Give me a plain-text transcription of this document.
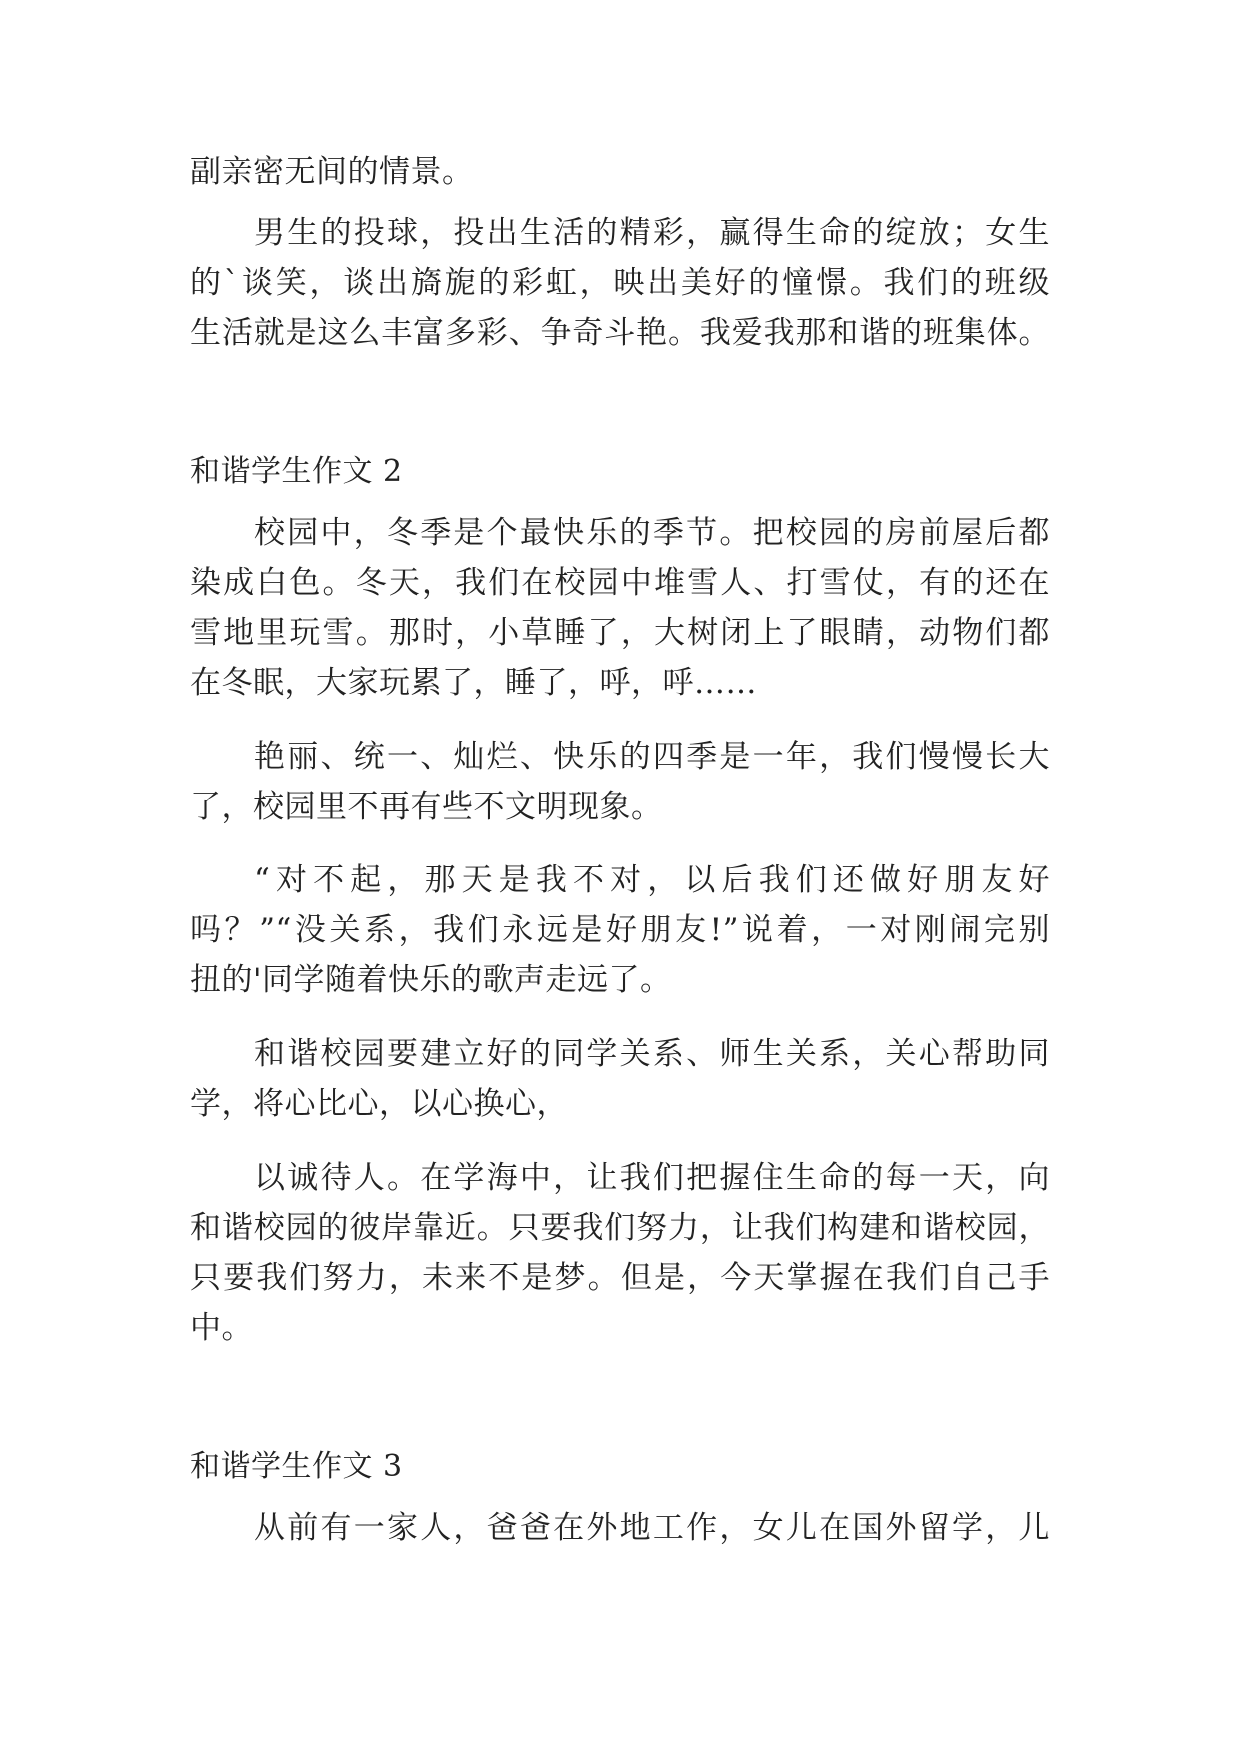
副亲密无间的情景。
男生的投球，投出生活的精彩，赢得生命的绽放；女生
的`谈笑，谈出旖旎的彩虹，映出美好的憧憬。我们的班级
生活就是这么丰富多彩、争奇斗艳。我爱我那和谐的班集体。
和谐学生作文 2
校园中，冬季是个最快乐的季节。把校园的房前屋后都
染成白色。冬天，我们在校园中堆雪人、打雪仗，有的还在
雪地里玩雪。那时，小草睡了，大树闭上了眼睛，动物们都
在冬眠，大家玩累了，睡了，呼，呼……
艳丽、统一、灿烂、快乐的四季是一年，我们慢慢长大
了，校园里不再有些不文明现象。
“对不起，那天是我不对，以后我们还做好朋友好
吗？”“没关系，我们永远是好朋友!”说着，一对刚闹完别
扭的'同学随着快乐的歌声走远了。
和谐校园要建立好的同学关系、师生关系，关心帮助同
学，将心比心，以心换心，
以诚待人。在学海中，让我们把握住生命的每一天，向
和谐校园的彼岸靠近。只要我们努力，让我们构建和谐校园，
只要我们努力，未来不是梦。但是，今天掌握在我们自己手
中。
和谐学生作文 3
从前有一家人，爸爸在外地工作，女儿在国外留学，儿
